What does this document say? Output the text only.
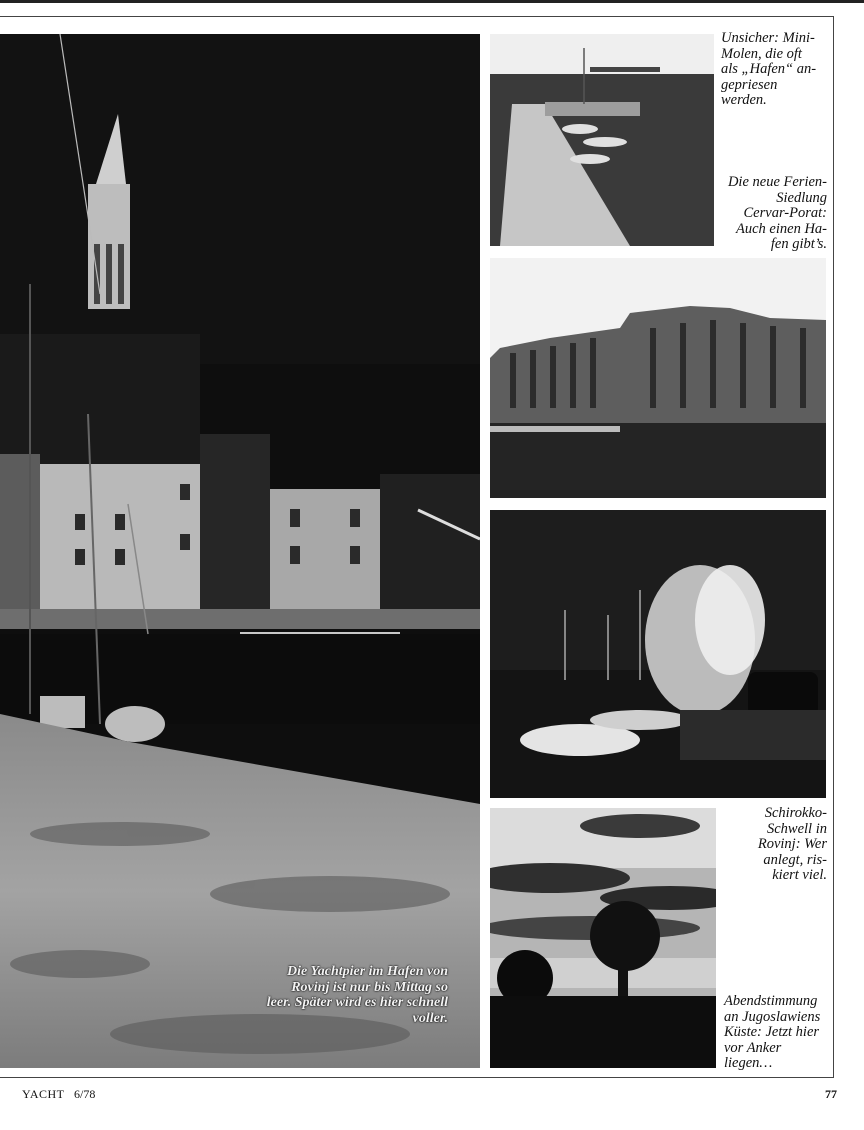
Unsicher: Mini-
Molen, die oft
als „Hafen“ an-
gepriesen
werden.
Die neue Ferien-
Siedlung
Cervar-Porat:
Auch einen Ha-
fen gibt’s.
Schirokko-
Schwell in
Rovinj: Wer
anlegt, ris-
kiert viel.
Abendstimmung
an Jugoslawiens
Küste: Jetzt hier
vor Anker
liegen…
Die Yachtpier im Hafen von
Rovinj ist nur bis Mittag so
leer. Später wird es hier schnell
voller.
YACHT 6/78	77
